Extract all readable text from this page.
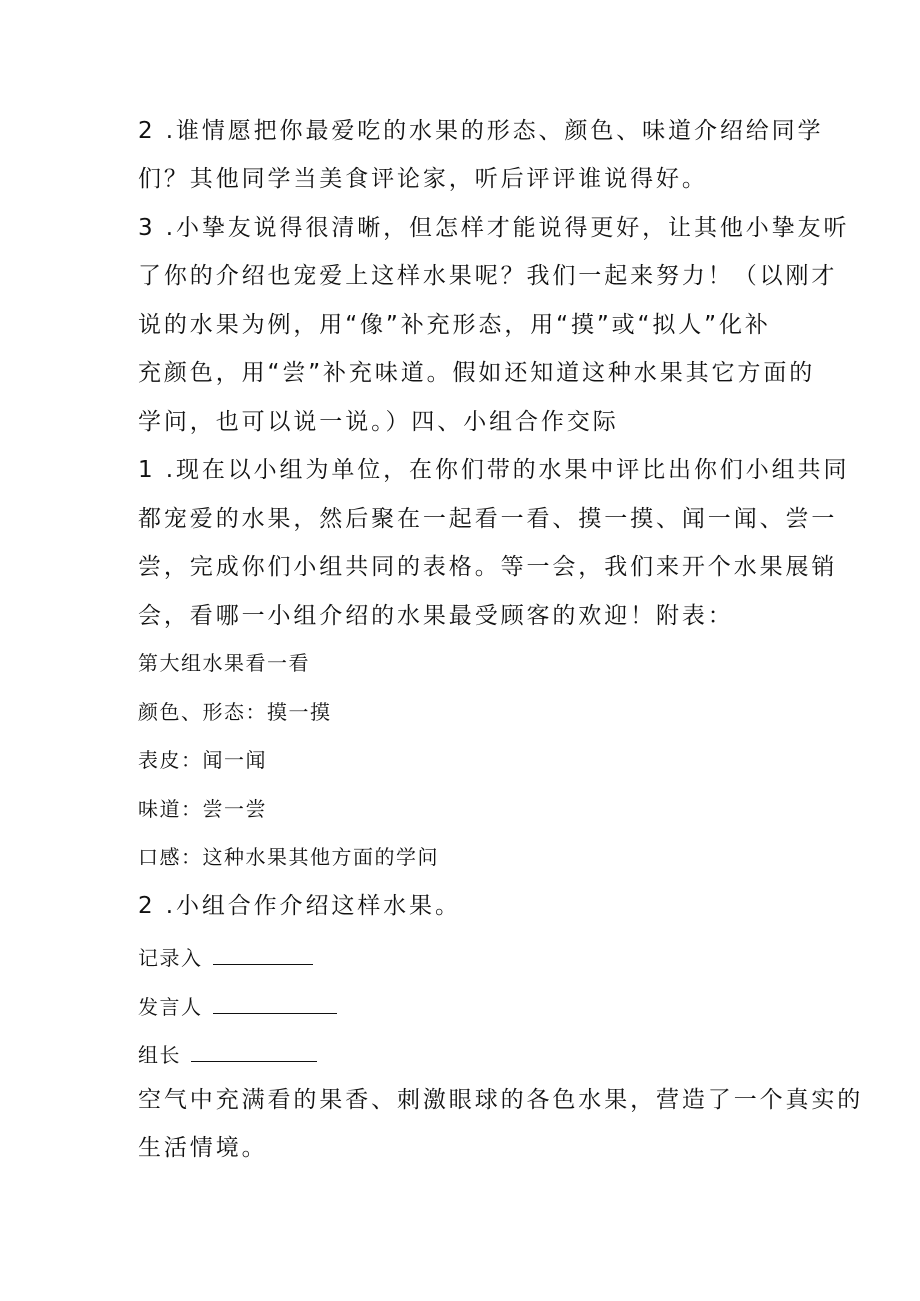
2 .谁情愿把你最爱吃的水果的形态、颜色、味道介绍给同学
们？其他同学当美食评论家，听后评评谁说得好。
3 .小挚友说得很清晰，但怎样才能说得更好，让其他小挚友听
了你的介绍也宠爱上这样水果呢？我们一起来努力！（以刚才
说的水果为例，用“像”补充形态，用“摸”或“拟人”化补
充颜色，用“尝”补充味道。假如还知道这种水果其它方面的
学问，也可以说一说。）四、小组合作交际
1 .现在以小组为单位，在你们带的水果中评比出你们小组共同
都宠爱的水果，然后聚在一起看一看、摸一摸、闻一闻、尝一
尝，完成你们小组共同的表格。等一会，我们来开个水果展销
会，看哪一小组介绍的水果最受顾客的欢迎！附表：
第大组水果看一看
颜色、形态：摸一摸
表皮：闻一闻
味道：尝一尝
口感：这种水果其他方面的学问
2 .小组合作介绍这样水果。
记录入
发言人
组长
空气中充满看的果香、刺激眼球的各色水果，营造了一个真实的
生活情境。
